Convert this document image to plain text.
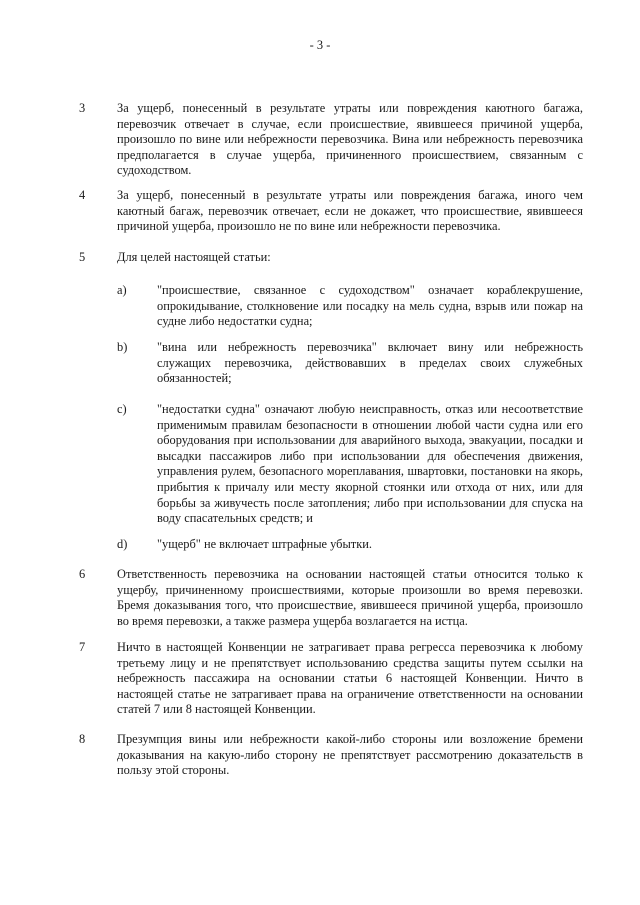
- 3 -
3	За ущерб, понесенный в результате утраты или повреждения каютного багажа, перевозчик отвечает в случае, если происшествие, явившееся причиной ущерба, произошло по вине или небрежности перевозчика. Вина или небрежность перевозчика предполагается в случае ущерба, причиненного происшествием, связанным с судоходством.
4	За ущерб, понесенный в результате утраты или повреждения багажа, иного чем каютный багаж, перевозчик отвечает, если не докажет, что происшествие, явившееся причиной ущерба, произошло не по вине или небрежности перевозчика.
5	Для целей настоящей статьи:
a) "происшествие, связанное с судоходством" означает кораблекрушение, опрокидывание, столкновение или посадку на мель судна, взрыв или пожар на судне либо недостатки судна;
b) "вина или небрежность перевозчика" включает вину или небрежность служащих перевозчика, действовавших в пределах своих служебных обязанностей;
c) "недостатки судна" означают любую неисправность, отказ или несоответствие применимым правилам безопасности в отношении любой части судна или его оборудования при использовании для аварийного выхода, эвакуации, посадки и высадки пассажиров либо при использовании для обеспечения движения, управления рулем, безопасного мореплавания, швартовки, постановки на якорь, прибытия к причалу или месту якорной стоянки или отхода от них, или для борьбы за живучесть после затопления; либо при использовании для спуска на воду спасательных средств; и
d) "ущерб" не включает штрафные убытки.
6	Ответственность перевозчика на основании настоящей статьи относится только к ущербу, причиненному происшествиями, которые произошли во время перевозки. Бремя доказывания того, что происшествие, явившееся причиной ущерба, произошло во время перевозки, а также размера ущерба возлагается на истца.
7	Ничто в настоящей Конвенции не затрагивает права регресса перевозчика к любому третьему лицу и не препятствует использованию средства защиты путем ссылки на небрежность пассажира на основании статьи 6 настоящей Конвенции. Ничто в настоящей статье не затрагивает права на ограничение ответственности на основании статей 7 или 8 настоящей Конвенции.
8	Презумпция вины или небрежности какой-либо стороны или возложение бремени доказывания на какую-либо сторону не препятствует рассмотрению доказательств в пользу этой стороны.
